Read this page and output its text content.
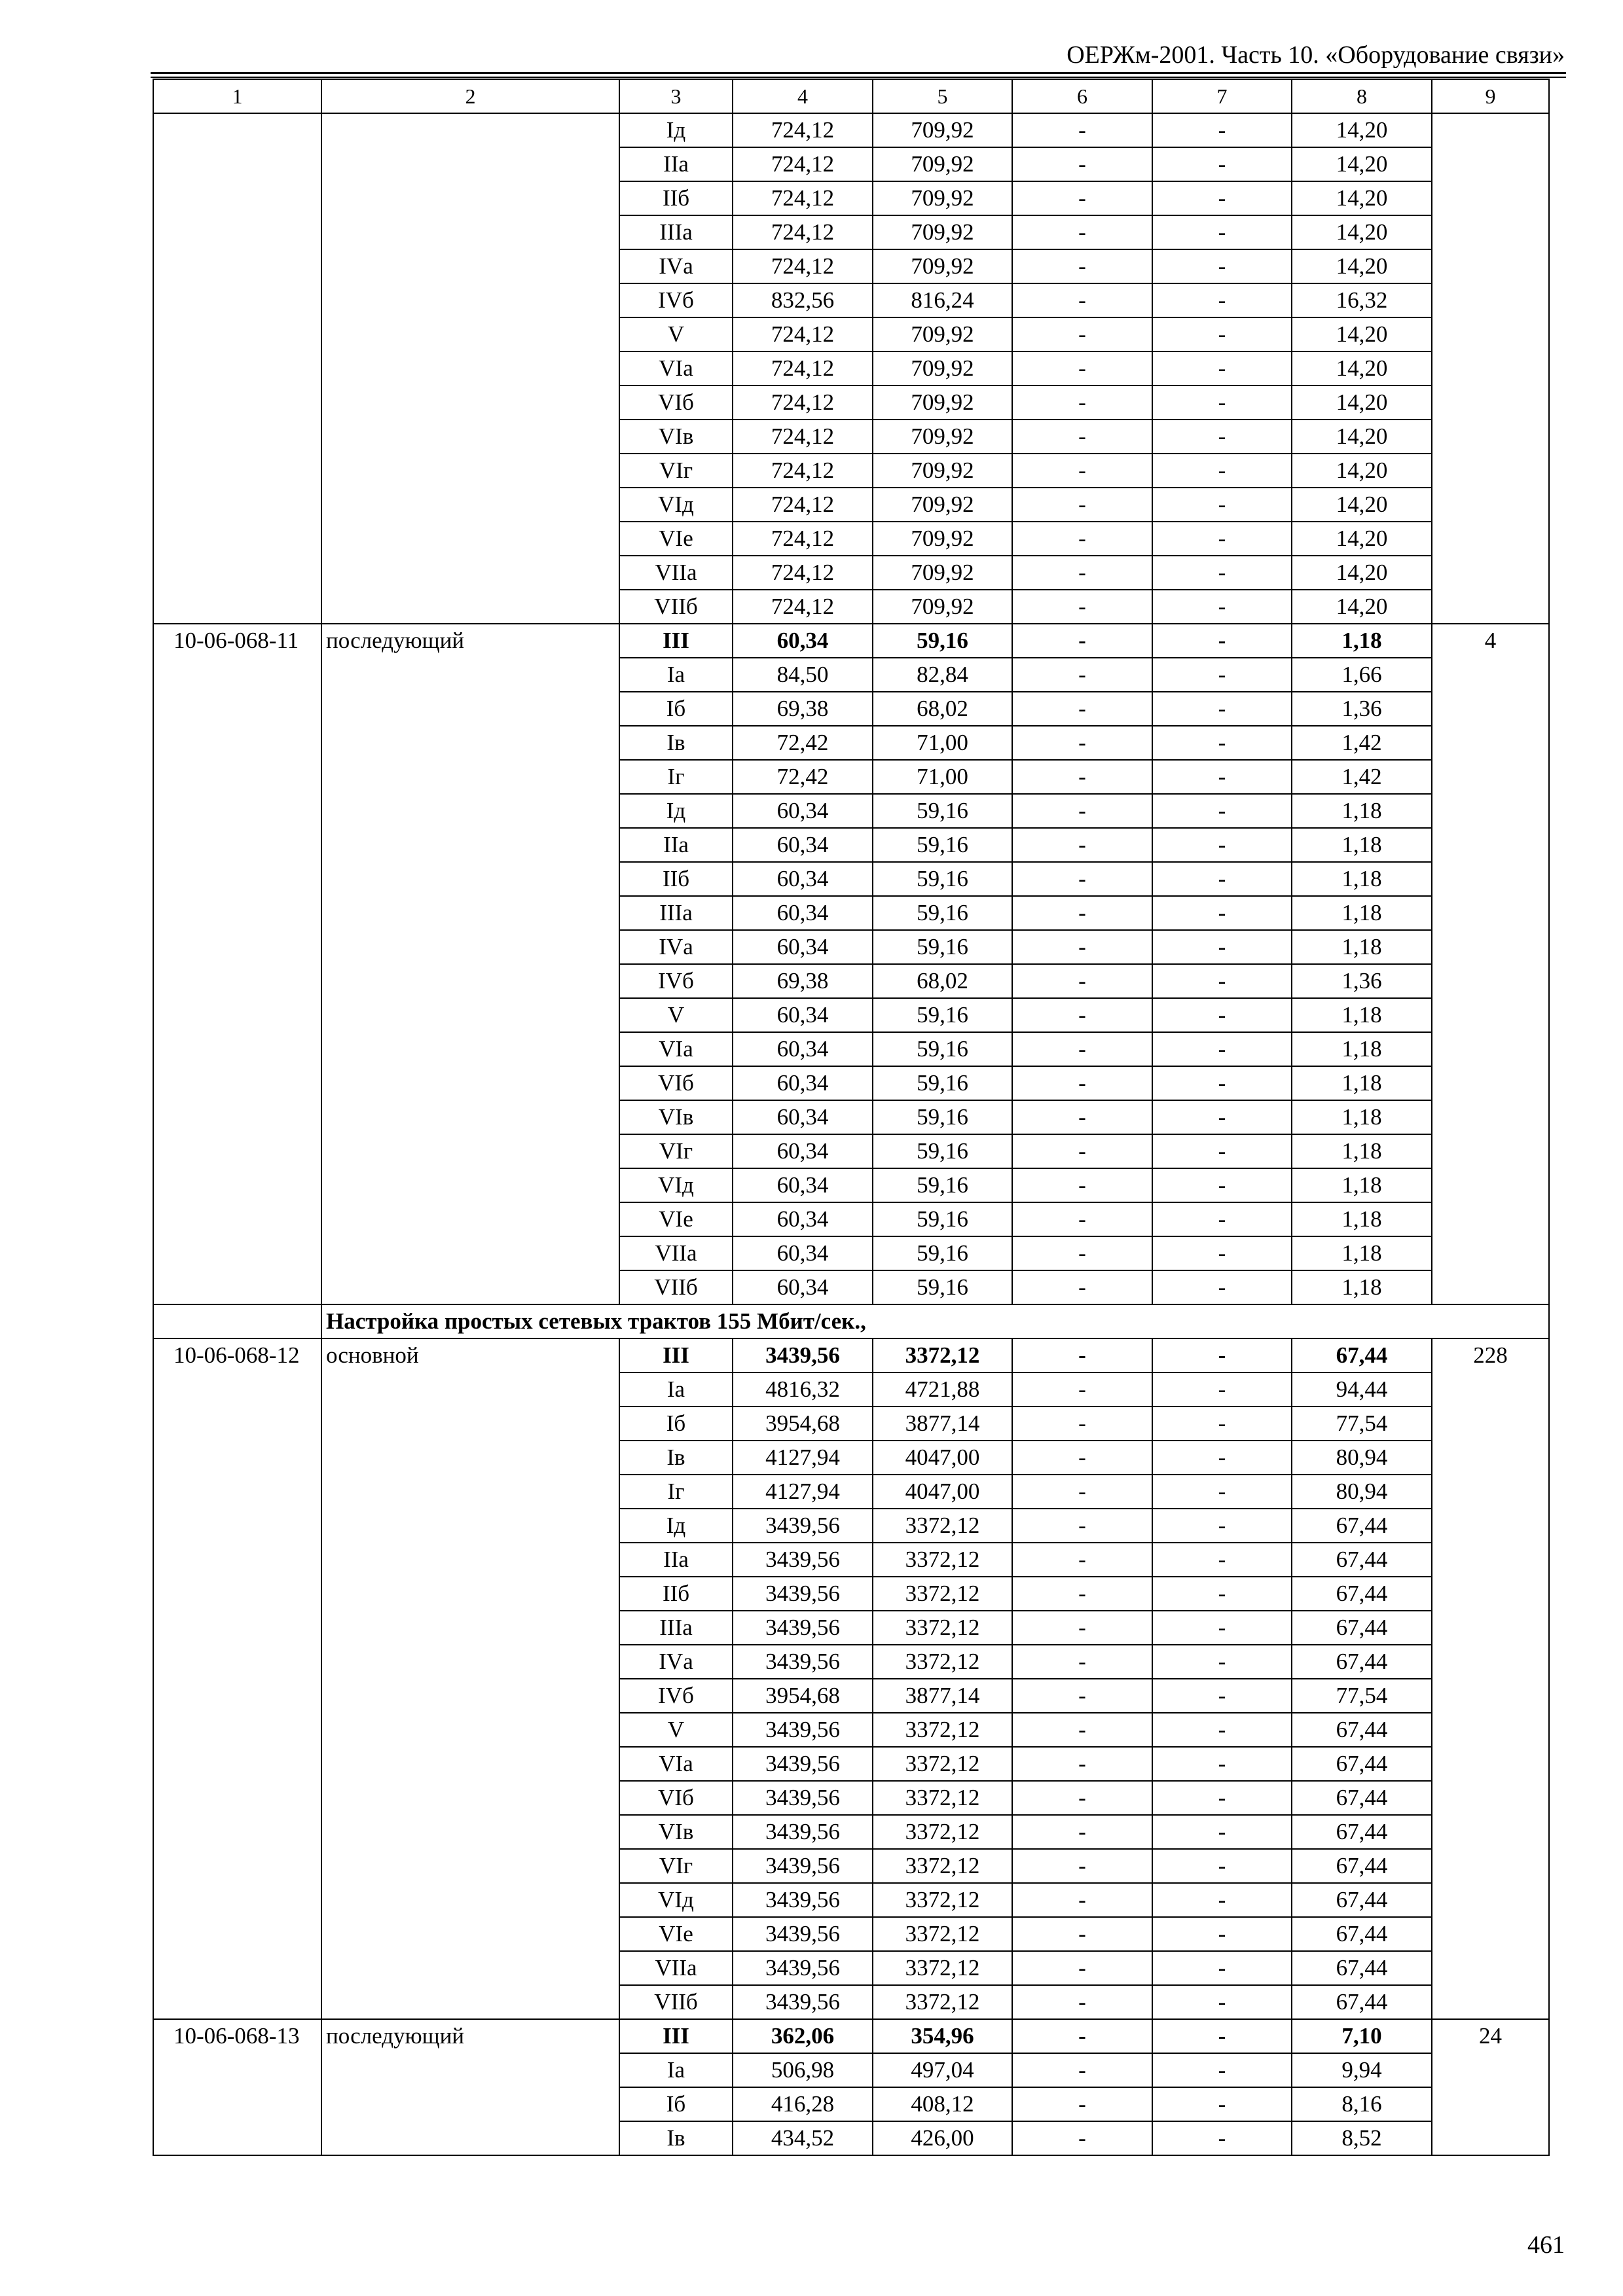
ОЕРЖм-2001. Часть 10. «Оборудование связи»
1	2	3	4	5	6	7	8	9
		Iд	724,12	709,92	-	-	14,20	
		IIа	724,12	709,92	-	-	14,20	
		IIб	724,12	709,92	-	-	14,20	
		IIIа	724,12	709,92	-	-	14,20	
		IVа	724,12	709,92	-	-	14,20	
		IVб	832,56	816,24	-	-	16,32	
		V	724,12	709,92	-	-	14,20	
		VIа	724,12	709,92	-	-	14,20	
		VIб	724,12	709,92	-	-	14,20	
		VIв	724,12	709,92	-	-	14,20	
		VIг	724,12	709,92	-	-	14,20	
		VIд	724,12	709,92	-	-	14,20	
		VIе	724,12	709,92	-	-	14,20	
		VIIа	724,12	709,92	-	-	14,20	
		VIIб	724,12	709,92	-	-	14,20	
10-06-068-11	последующий	III	60,34	59,16	-	-	1,18	4
		Iа	84,50	82,84	-	-	1,66	
		Iб	69,38	68,02	-	-	1,36	
		Iв	72,42	71,00	-	-	1,42	
		Iг	72,42	71,00	-	-	1,42	
		Iд	60,34	59,16	-	-	1,18	
		IIа	60,34	59,16	-	-	1,18	
		IIб	60,34	59,16	-	-	1,18	
		IIIа	60,34	59,16	-	-	1,18	
		IVа	60,34	59,16	-	-	1,18	
		IVб	69,38	68,02	-	-	1,36	
		V	60,34	59,16	-	-	1,18	
		VIа	60,34	59,16	-	-	1,18	
		VIб	60,34	59,16	-	-	1,18	
		VIв	60,34	59,16	-	-	1,18	
		VIг	60,34	59,16	-	-	1,18	
		VIд	60,34	59,16	-	-	1,18	
		VIе	60,34	59,16	-	-	1,18	
		VIIа	60,34	59,16	-	-	1,18	
		VIIб	60,34	59,16	-	-	1,18	
	Настройка простых сетевых трактов 155 Мбит/сек.,							
10-06-068-12	основной	III	3439,56	3372,12	-	-	67,44	228
		Iа	4816,32	4721,88	-	-	94,44	
		Iб	3954,68	3877,14	-	-	77,54	
		Iв	4127,94	4047,00	-	-	80,94	
		Iг	4127,94	4047,00	-	-	80,94	
		Iд	3439,56	3372,12	-	-	67,44	
		IIа	3439,56	3372,12	-	-	67,44	
		IIб	3439,56	3372,12	-	-	67,44	
		IIIа	3439,56	3372,12	-	-	67,44	
		IVа	3439,56	3372,12	-	-	67,44	
		IVб	3954,68	3877,14	-	-	77,54	
		V	3439,56	3372,12	-	-	67,44	
		VIа	3439,56	3372,12	-	-	67,44	
		VIб	3439,56	3372,12	-	-	67,44	
		VIв	3439,56	3372,12	-	-	67,44	
		VIг	3439,56	3372,12	-	-	67,44	
		VIд	3439,56	3372,12	-	-	67,44	
		VIе	3439,56	3372,12	-	-	67,44	
		VIIа	3439,56	3372,12	-	-	67,44	
		VIIб	3439,56	3372,12	-	-	67,44	
10-06-068-13	последующий	III	362,06	354,96	-	-	7,10	24
		Iа	506,98	497,04	-	-	9,94	
		Iб	416,28	408,12	-	-	8,16	
		Iв	434,52	426,00	-	-	8,52	
461
